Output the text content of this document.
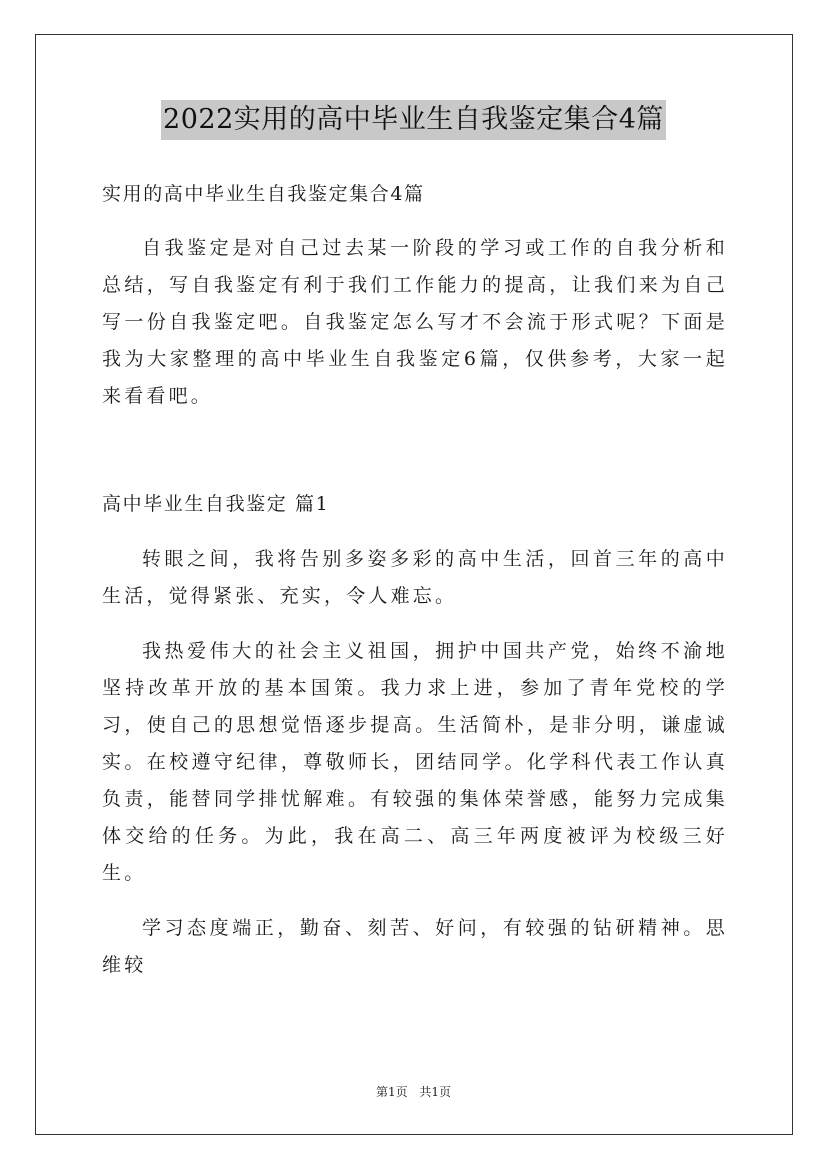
2022实用的高中毕业生自我鉴定集合4篇
实用的高中毕业生自我鉴定集合4篇
自我鉴定是对自己过去某一阶段的学习或工作的自我分析和总结，写自我鉴定有利于我们工作能力的提高，让我们来为自己写一份自我鉴定吧。自我鉴定怎么写才不会流于形式呢？下面是我为大家整理的高中毕业生自我鉴定6篇，仅供参考，大家一起来看看吧。
高中毕业生自我鉴定 篇1
转眼之间，我将告别多姿多彩的高中生活，回首三年的高中生活，觉得紧张、充实，令人难忘。
我热爱伟大的社会主义祖国，拥护中国共产党，始终不渝地坚持改革开放的基本国策。我力求上进，参加了青年党校的学习，使自己的思想觉悟逐步提高。生活简朴，是非分明，谦虚诚实。在校遵守纪律，尊敬师长，团结同学。化学科代表工作认真负责，能替同学排忧解难。有较强的集体荣誉感，能努力完成集体交给的任务。为此，我在高二、高三年两度被评为校级三好生。
学习态度端正，勤奋、刻苦、好问，有较强的钻研精神。思维较
第1页 共1页
